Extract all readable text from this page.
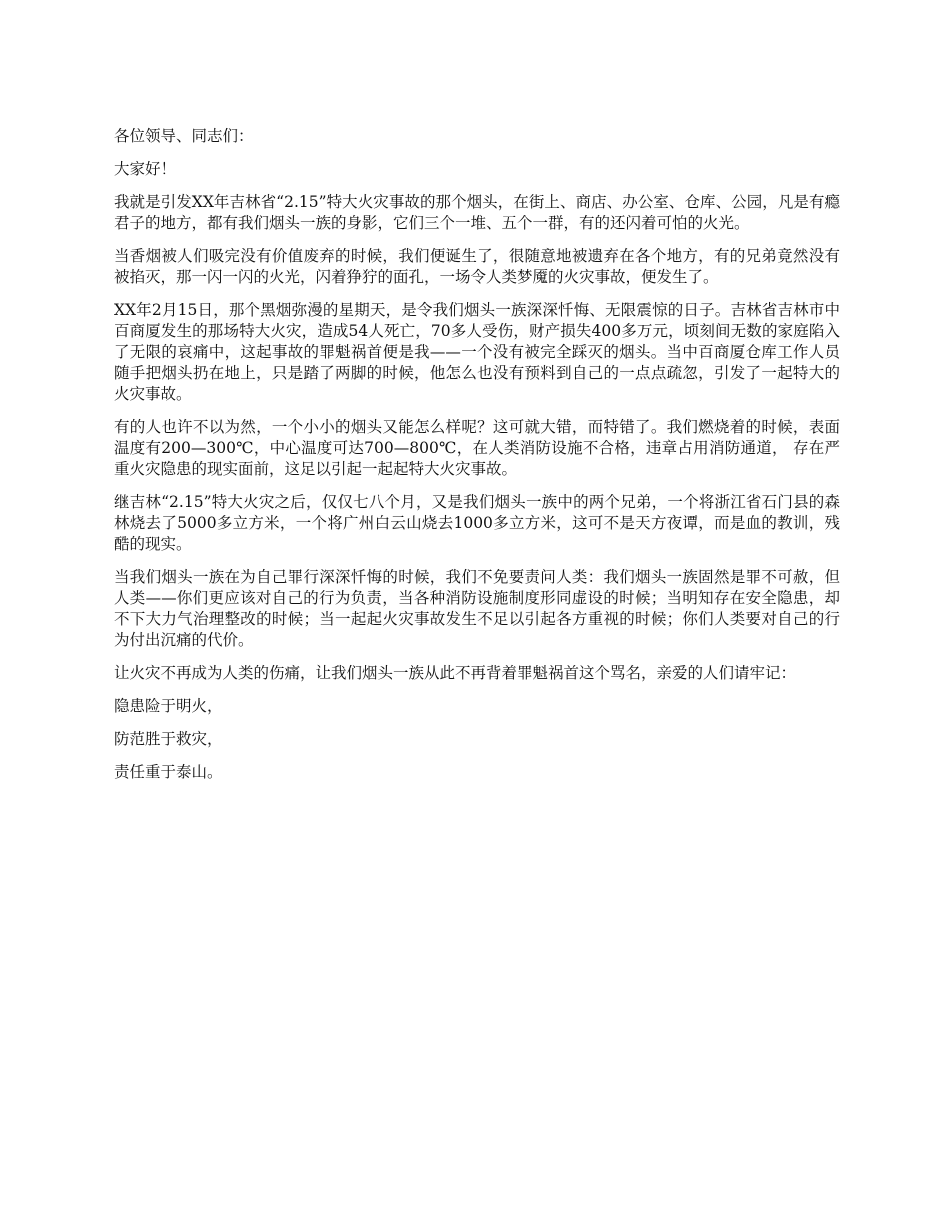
各位领导、同志们：

大家好！

我就是引发XX年吉林省“2.15”特大火灾事故的那个烟头，在街上、商店、办公室、仓库、公园，凡是有瘾君子的地方，都有我们烟头一族的身影，它们三个一堆、五个一群，有的还闪着可怕的火光。

当香烟被人们吸完没有价值废弃的时候，我们便诞生了，很随意地被遗弃在各个地方，有的兄弟竟然没有被掐灭，那一闪一闪的火光，闪着狰狞的面孔，一场令人类梦魇的火灾事故，便发生了。

XX年2月15日，那个黑烟弥漫的星期天，是令我们烟头一族深深忏悔、无限震惊的日子。吉林省吉林市中百商厦发生的那场特大火灾，造成54人死亡，70多人受伤，财产损失400多万元，顷刻间无数的家庭陷入了无限的哀痛中，这起事故的罪魁祸首便是我——一个没有被完全踩灭的烟头。当中百商厦仓库工作人员随手把烟头扔在地上，只是踏了两脚的时候，他怎么也没有预料到自己的一点点疏忽，引发了一起特大的火灾事故。

有的人也许不以为然，一个小小的烟头又能怎么样呢？这可就大错，而特错了。我们燃烧着的时候，表面温度有200—300℃，中心温度可达700—800℃，在人类消防设施不合格，违章占用消防通道， 存在严重火灾隐患的现实面前，这足以引起一起起特大火灾事故。

继吉林“2.15”特大火灾之后，仅仅七八个月，又是我们烟头一族中的两个兄弟，一个将浙江省石门县的森林烧去了5000多立方米，一个将广州白云山烧去1000多立方米，这可不是天方夜谭，而是血的教训，残酷的现实。

当我们烟头一族在为自己罪行深深忏悔的时候，我们不免要责问人类：我们烟头一族固然是罪不可赦，但人类——你们更应该对自己的行为负责，当各种消防设施制度形同虚设的时候；当明知存在安全隐患，却不下大力气治理整改的时候；当一起起火灾事故发生不足以引起各方重视的时候；你们人类要对自己的行为付出沉痛的代价。

让火灾不再成为人类的伤痛，让我们烟头一族从此不再背着罪魁祸首这个骂名，亲爱的人们请牢记：

隐患险于明火，

防范胜于救灾，

责任重于泰山。
